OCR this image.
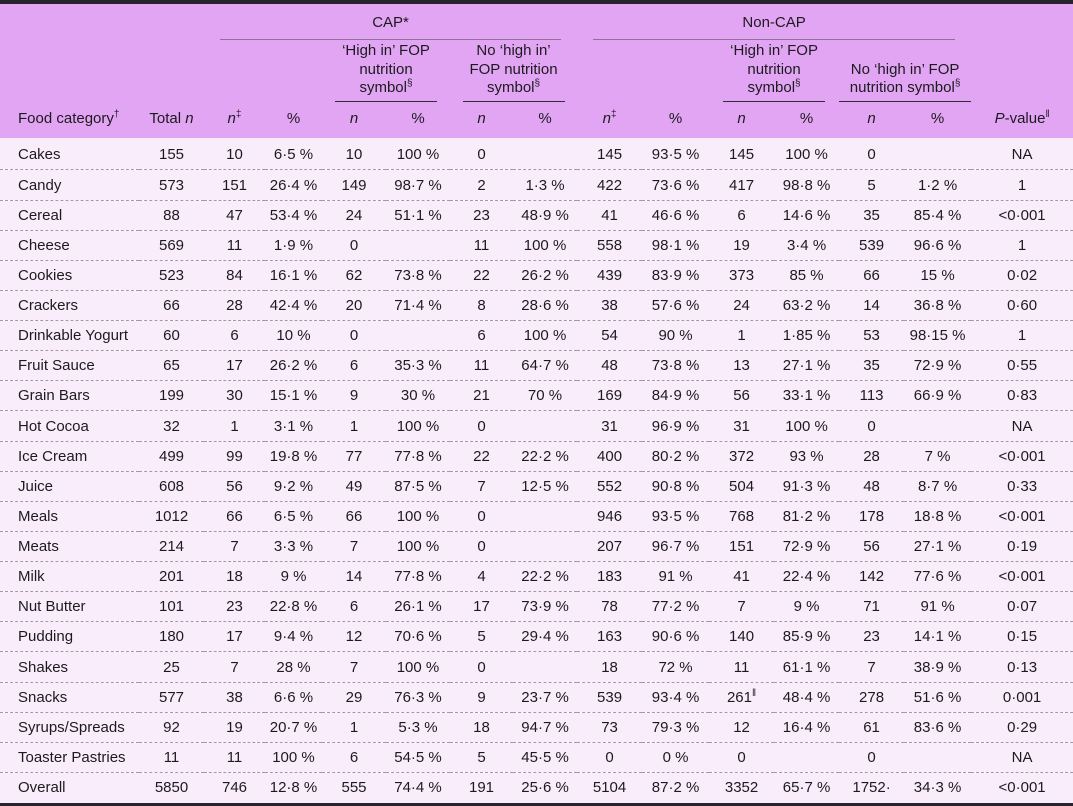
		CAP*						Non-CAP						

				‘High in’ FOP nutrition symbol§		No ‘high in’ FOP nutrition symbol§				‘High in’ FOP nutrition symbol§		No ‘high in’ FOP nutrition symbol§	
Food category†	Total n	n‡	%	n	%	n	%	n‡	%	n	%	n	%	P-value‖
Cakes	155	10	6·5 %	10	100 %	0		145	93·5 %	145	100 %	0		NA
Candy	573	151	26·4 %	149	98·7 %	2	1·3 %	422	73·6 %	417	98·8 %	5	1·2 %	1
Cereal	88	47	53·4 %	24	51·1 %	23	48·9 %	41	46·6 %	6	14·6 %	35	85·4 %	<0·001
Cheese	569	11	1·9 %	0		11	100 %	558	98·1 %	19	3·4 %	539	96·6 %	1
Cookies	523	84	16·1 %	62	73·8 %	22	26·2 %	439	83·9 %	373	85 %	66	15 %	0·02
Crackers	66	28	42·4 %	20	71·4 %	8	28·6 %	38	57·6 %	24	63·2 %	14	36·8 %	0·60
Drinkable Yogurt	60	6	10 %	0		6	100 %	54	90 %	1	1·85 %	53	98·15 %	1
Fruit Sauce	65	17	26·2 %	6	35·3 %	11	64·7 %	48	73·8 %	13	27·1 %	35	72·9 %	0·55
Grain Bars	199	30	15·1 %	9	30 %	21	70 %	169	84·9 %	56	33·1 %	113	66·9 %	0·83
Hot Cocoa	32	1	3·1 %	1	100 %	0		31	96·9 %	31	100 %	0		NA
Ice Cream	499	99	19·8 %	77	77·8 %	22	22·2 %	400	80·2 %	372	93 %	28	7 %	<0·001
Juice	608	56	9·2 %	49	87·5 %	7	12·5 %	552	90·8 %	504	91·3 %	48	8·7 %	0·33
Meals	1012	66	6·5 %	66	100 %	0		946	93·5 %	768	81·2 %	178	18·8 %	<0·001
Meats	214	7	3·3 %	7	100 %	0		207	96·7 %	151	72·9 %	56	27·1 %	0·19
Milk	201	18	9 %	14	77·8 %	4	22·2 %	183	91 %	41	22·4 %	142	77·6 %	<0·001
Nut Butter	101	23	22·8 %	6	26·1 %	17	73·9 %	78	77·2 %	7	9 %	71	91 %	0·07
Pudding	180	17	9·4 %	12	70·6 %	5	29·4 %	163	90·6 %	140	85·9 %	23	14·1 %	0·15
Shakes	25	7	28 %	7	100 %	0		18	72 %	11	61·1 %	7	38·9 %	0·13
Snacks	577	38	6·6 %	29	76·3 %	9	23·7 %	539	93·4 %	261‖	48·4 %	278	51·6 %	0·001
Syrups/Spreads	92	19	20·7 %	1	5·3 %	18	94·7 %	73	79·3 %	12	16·4 %	61	83·6 %	0·29
Toaster Pastries	11	11	100 %	6	54·5 %	5	45·5 %	0	0 %	0		0		NA
Overall	5850	746	12·8 %	555	74·4 %	191	25·6 %	5104	87·2 %	3352	65·7 %	1752·	34·3 %	<0·001
